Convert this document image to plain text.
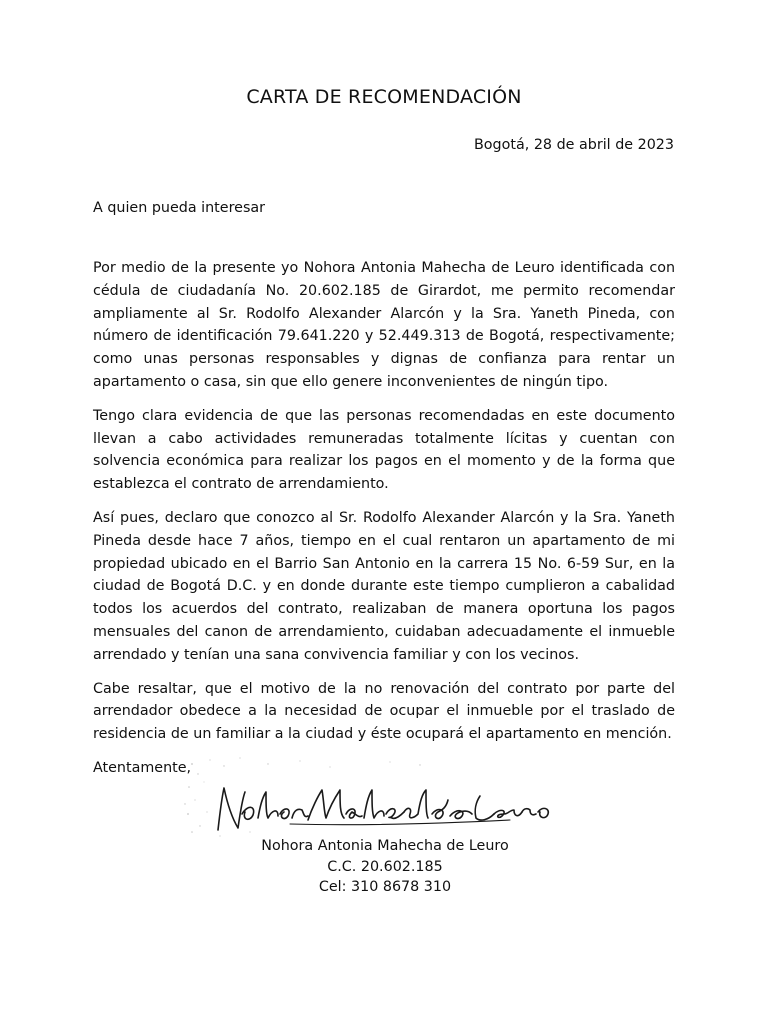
CARTA DE RECOMENDACIÓN
Bogotá, 28 de abril de 2023
A quien pueda interesar

Por medio de la presente yo Nohora Antonia Mahecha de Leuro identificada con cédula de ciudadanía No. 20.602.185 de Girardot, me permito recomendar ampliamente al Sr. Rodolfo Alexander Alarcón y la Sra. Yaneth Pineda, con número de identificación 79.641.220 y 52.449.313 de Bogotá, respectivamente; como unas personas responsables y dignas de confianza para rentar un apartamento o casa, sin que ello genere inconvenientes de ningún tipo.

Tengo clara evidencia de que las personas recomendadas en este documento llevan a cabo actividades remuneradas totalmente lícitas y cuentan con solvencia económica para realizar los pagos en el momento y de la forma que establezca el contrato de arrendamiento.

Así pues, declaro que conozco al Sr. Rodolfo Alexander Alarcón y la Sra. Yaneth Pineda desde hace 7 años, tiempo en el cual rentaron un apartamento de mi propiedad ubicado en el Barrio San Antonio en la carrera 15 No. 6-59 Sur, en la ciudad de Bogotá D.C. y en donde durante este tiempo cumplieron a cabalidad todos los acuerdos del contrato, realizaban de manera oportuna los pagos mensuales del canon de arrendamiento, cuidaban adecuadamente el inmueble arrendado y tenían una sana convivencia familiar y con los vecinos.

Cabe resaltar, que el motivo de la no renovación del contrato por parte del arrendador obedece a la necesidad de ocupar el inmueble por el traslado de residencia de un familiar a la ciudad y éste ocupará el apartamento en mención.

Atentamente,
Nohora Antonia Mahecha de Leuro
C.C. 20.602.185
Cel: 310 8678 310
